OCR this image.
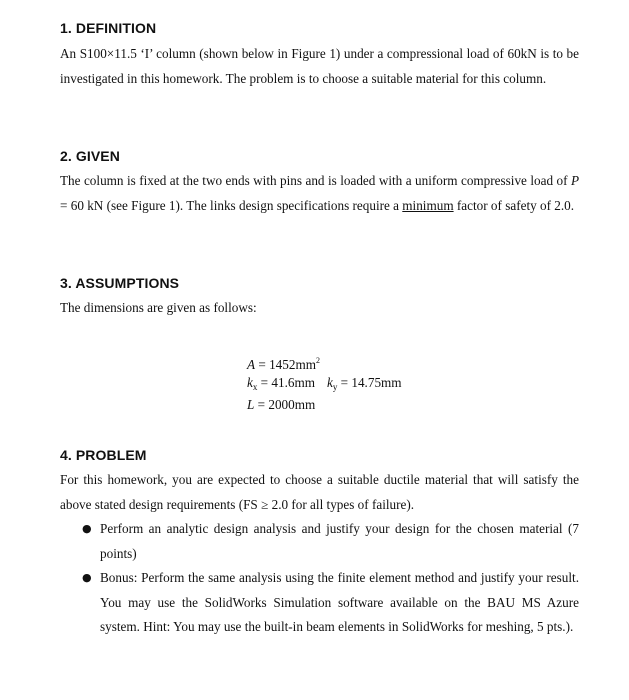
1. DEFINITION
An S100×11.5 ‘I’ column (shown below in Figure 1) under a compressional load of 60kN is to be investigated in this homework. The problem is to choose a suitable material for this column.
2. GIVEN
The column is fixed at the two ends with pins and is loaded with a uniform compressive load of P = 60 kN (see Figure 1). The links design specifications require a minimum factor of safety of 2.0.
3. ASSUMPTIONS
The dimensions are given as follows:
$A = 1452mm^2$
$k_x = 41.6mm$ $k_y = 14.75mm$
L = 2000mm
4. PROBLEM
For this homework, you are expected to choose a suitable ductile material that will satisfy the above stated design requirements (FS ≥ 2.0 for all types of failure).
● Perform an analytic design analysis and justify your design for the chosen material (7 points)
● Bonus: Perform the same analysis using the finite element method and justify your result. You may use the SolidWorks Simulation software available on the BAU MS Azure system. Hint: You may use the built-in beam elements in SolidWorks for meshing, 5 pts.).
